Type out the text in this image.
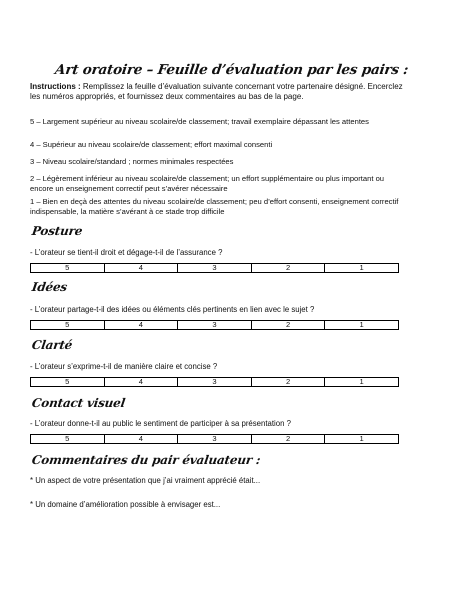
Art oratoire – Feuille d’évaluation par les pairs :
Instructions : Remplissez la feuille d’évaluation suivante concernant votre partenaire désigné. Encerclez les numéros appropriés, et fournissez deux commentaires au bas de la page.
5 – Largement supérieur au niveau scolaire/de classement; travail exemplaire dépassant les attentes
4 – Supérieur au niveau scolaire/de classement; effort maximal consenti
3 – Niveau scolaire/standard ; normes minimales respectées
2 – Légèrement inférieur au niveau scolaire/de classement; un effort supplémentaire ou plus important ou encore un enseignement correctif peut s’avérer nécessaire
1 – Bien en deçà des attentes du niveau scolaire/de classement; peu d’effort consenti, enseignement correctif indispensable, la matière s’avérant à ce stade trop difficile
Posture
- L’orateur se tient-il droit et dégage-t-il de l’assurance ?
5	4	3	2	1
Idées
- L’orateur partage-t-il des idées ou éléments clés pertinents en lien avec le sujet ?
5	4	3	2	1
Clarté
- L’orateur s’exprime-t-il de manière claire et concise ?
5	4	3	2	1
Contact visuel
- L’orateur donne-t-il au public le sentiment de participer à sa présentation ?
5	4	3	2	1
Commentaires du pair évaluateur :
* Un aspect de votre présentation que j’ai vraiment apprécié était...
* Un domaine d’amélioration possible à envisager est...
